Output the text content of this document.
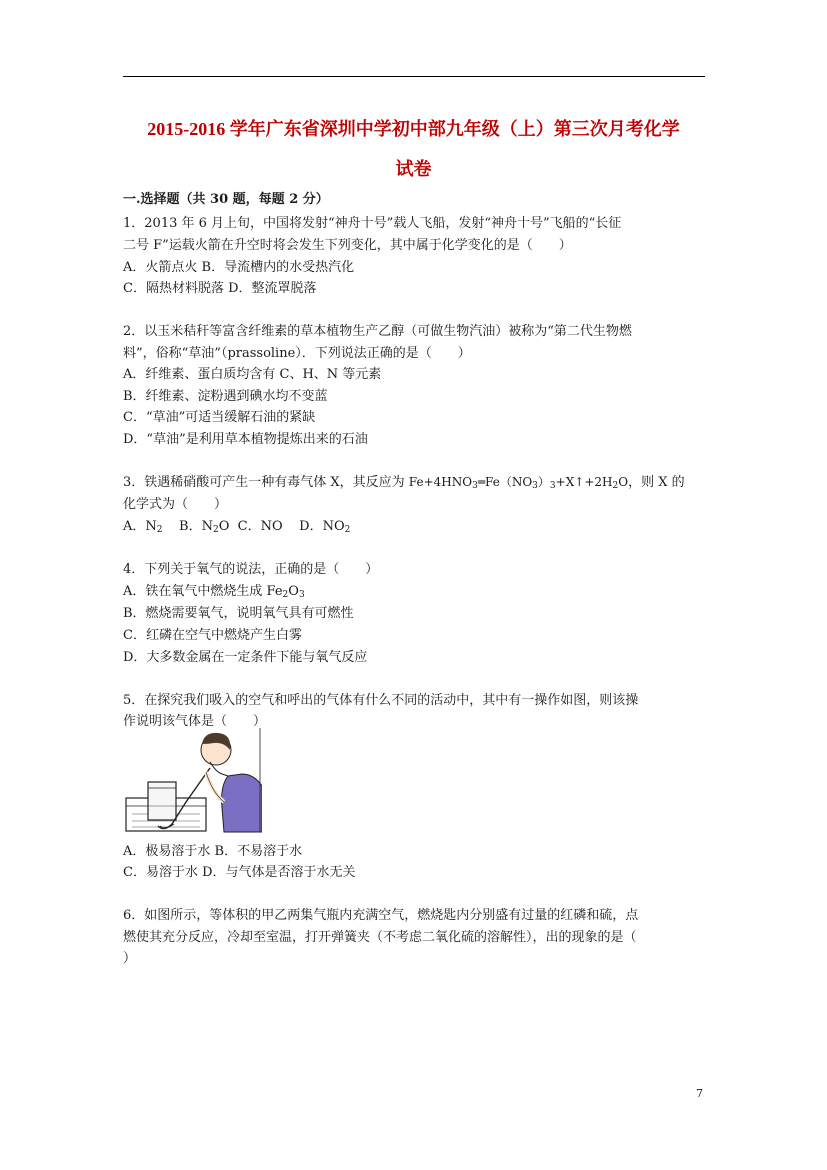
2015-2016 学年广东省深圳中学初中部九年级（上）第三次月考化学
试卷
一.选择题（共 30 题，每题 2 分）
1．2013 年 6 月上旬，中国将发射“神舟十号”载人飞船，发射“神舟十号”飞船的“长征
二号 F”运载火箭在升空时将会发生下列变化，其中属于化学变化的是（　　）
A．火箭点火 B．导流槽内的水受热汽化
C．隔热材料脱落 D．整流罩脱落
2．以玉米秸秆等富含纤维素的草本植物生产乙醇（可做生物汽油）被称为“第二代生物燃
料”，俗称“草油”（prassoline）．下列说法正确的是（　　）
A．纤维素、蛋白质均含有 C、H、N 等元素
B．纤维素、淀粉遇到碘水均不变蓝
C．“草油”可适当缓解石油的紧缺
D．“草油”是利用草本植物提炼出来的石油
3．铁遇稀硝酸可产生一种有毒气体 X，其反应为 $Fe+4HNO_3═Fe(NO_3)_3+X↑+2H_2O$，则 X 的
化学式为（　　）
A．$N_2$ B．$N_2O$ C．NO D．$NO_2$
4．下列关于氧气的说法，正确的是（　　）
A．铁在氧气中燃烧生成 $Fe_2O_3$
B．燃烧需要氧气，说明氧气具有可燃性
C．红磷在空气中燃烧产生白雾
D．大多数金属在一定条件下能与氧气反应
5．在探究我们吸入的空气和呼出的气体有什么不同的活动中，其中有一操作如图，则该操
作说明该气体是（　　）
A．极易溶于水 B．不易溶于水
C．易溶于水 D．与气体是否溶于水无关
6．如图所示，等体积的甲乙两集气瓶内充满空气，燃烧匙内分别盛有过量的红磷和硫，点
燃使其充分反应，冷却至室温，打开弹簧夹（不考虑二氧化硫的溶解性），出的现象的是（
）
7
